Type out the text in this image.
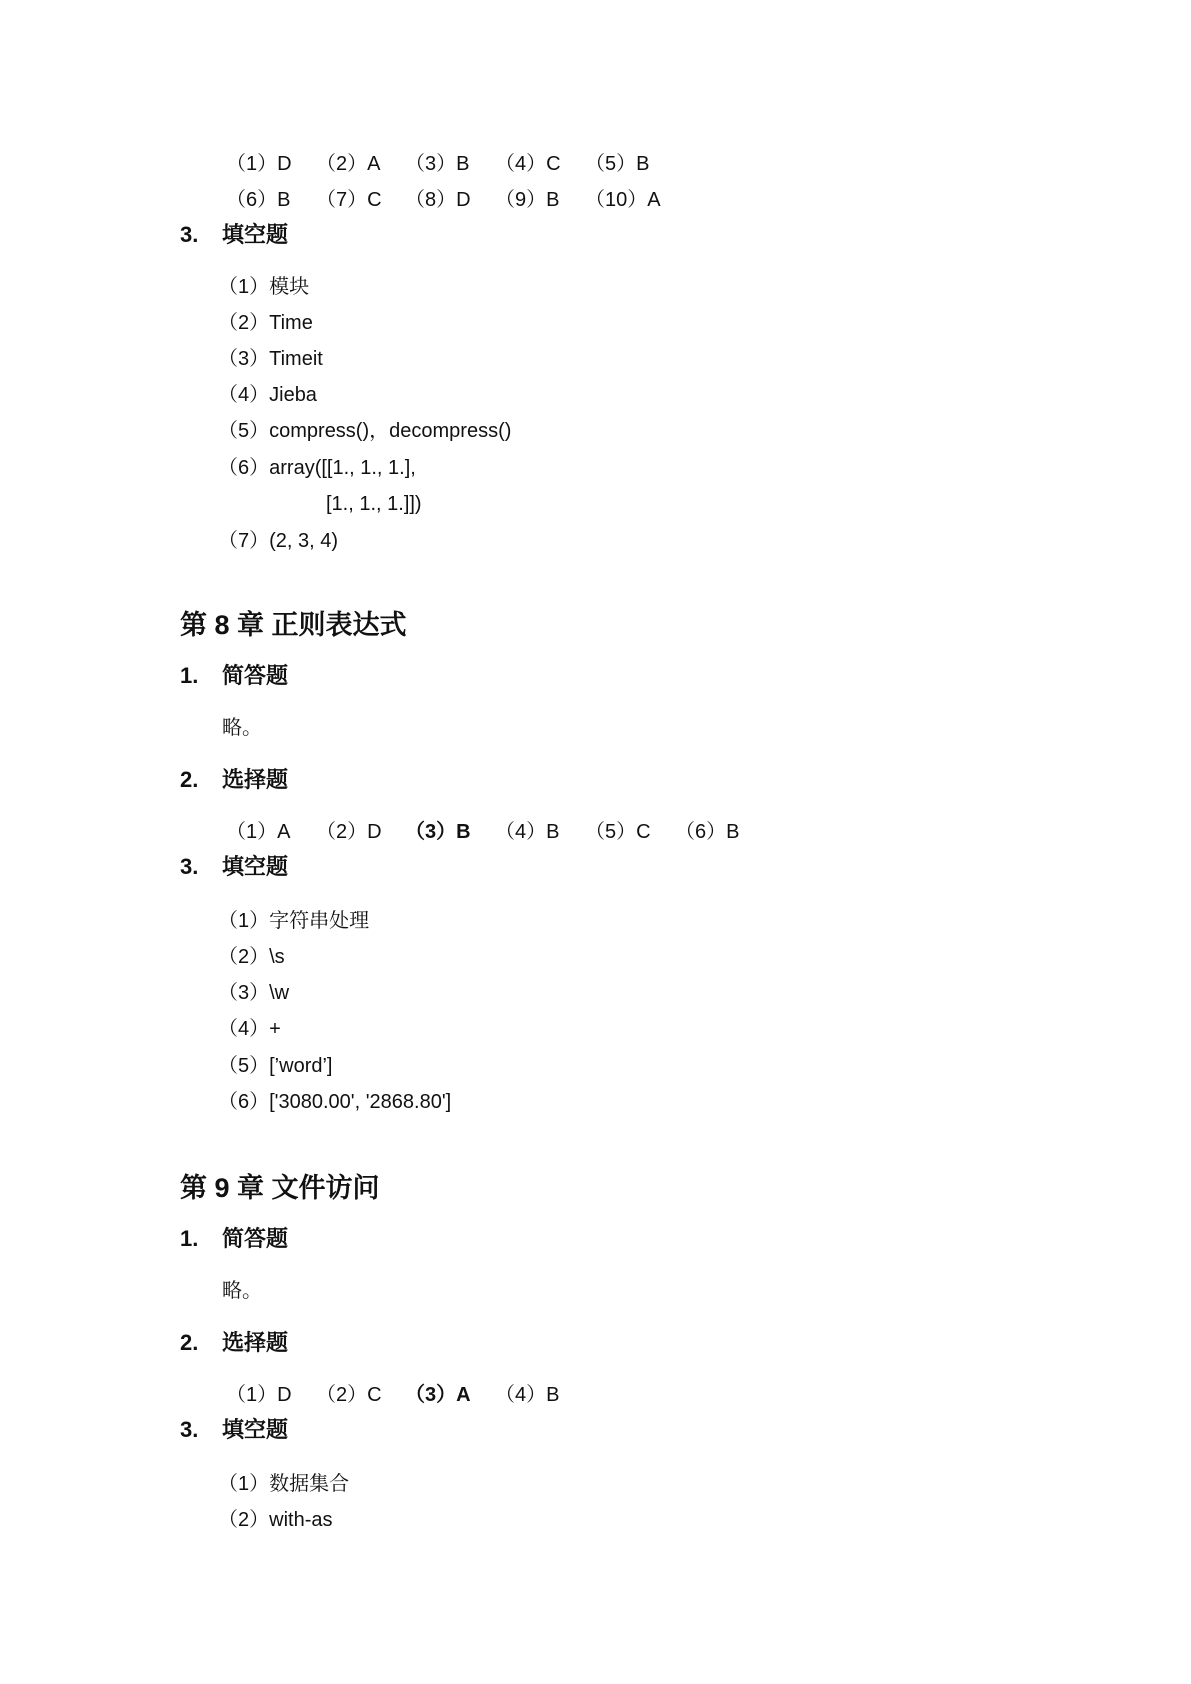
（1）D （2）A （3）B （4）C （5）B
（6）B （7）C （8）D （9）B （10）A
3. 填空题
（1）模块
（2）Time
（3）Timeit
（4）Jieba
（5）compress()，decompress()
（6）array([[1., 1., 1.],
[1., 1., 1.]])
（7）(2, 3, 4)
第 8 章 正则表达式
1. 简答题
略。
2. 选择题
（1）A （2）D （3）B （4）B （5）C （6）B
3. 填空题
（1）字符串处理
（2）\s
（3）\w
（4）+
（5）[’word’]
（6）['3080.00', '2868.80']
第 9 章 文件访问
1. 简答题
略。
2. 选择题
（1）D （2）C （3）A （4）B
3. 填空题
（1）数据集合
（2）with-as
